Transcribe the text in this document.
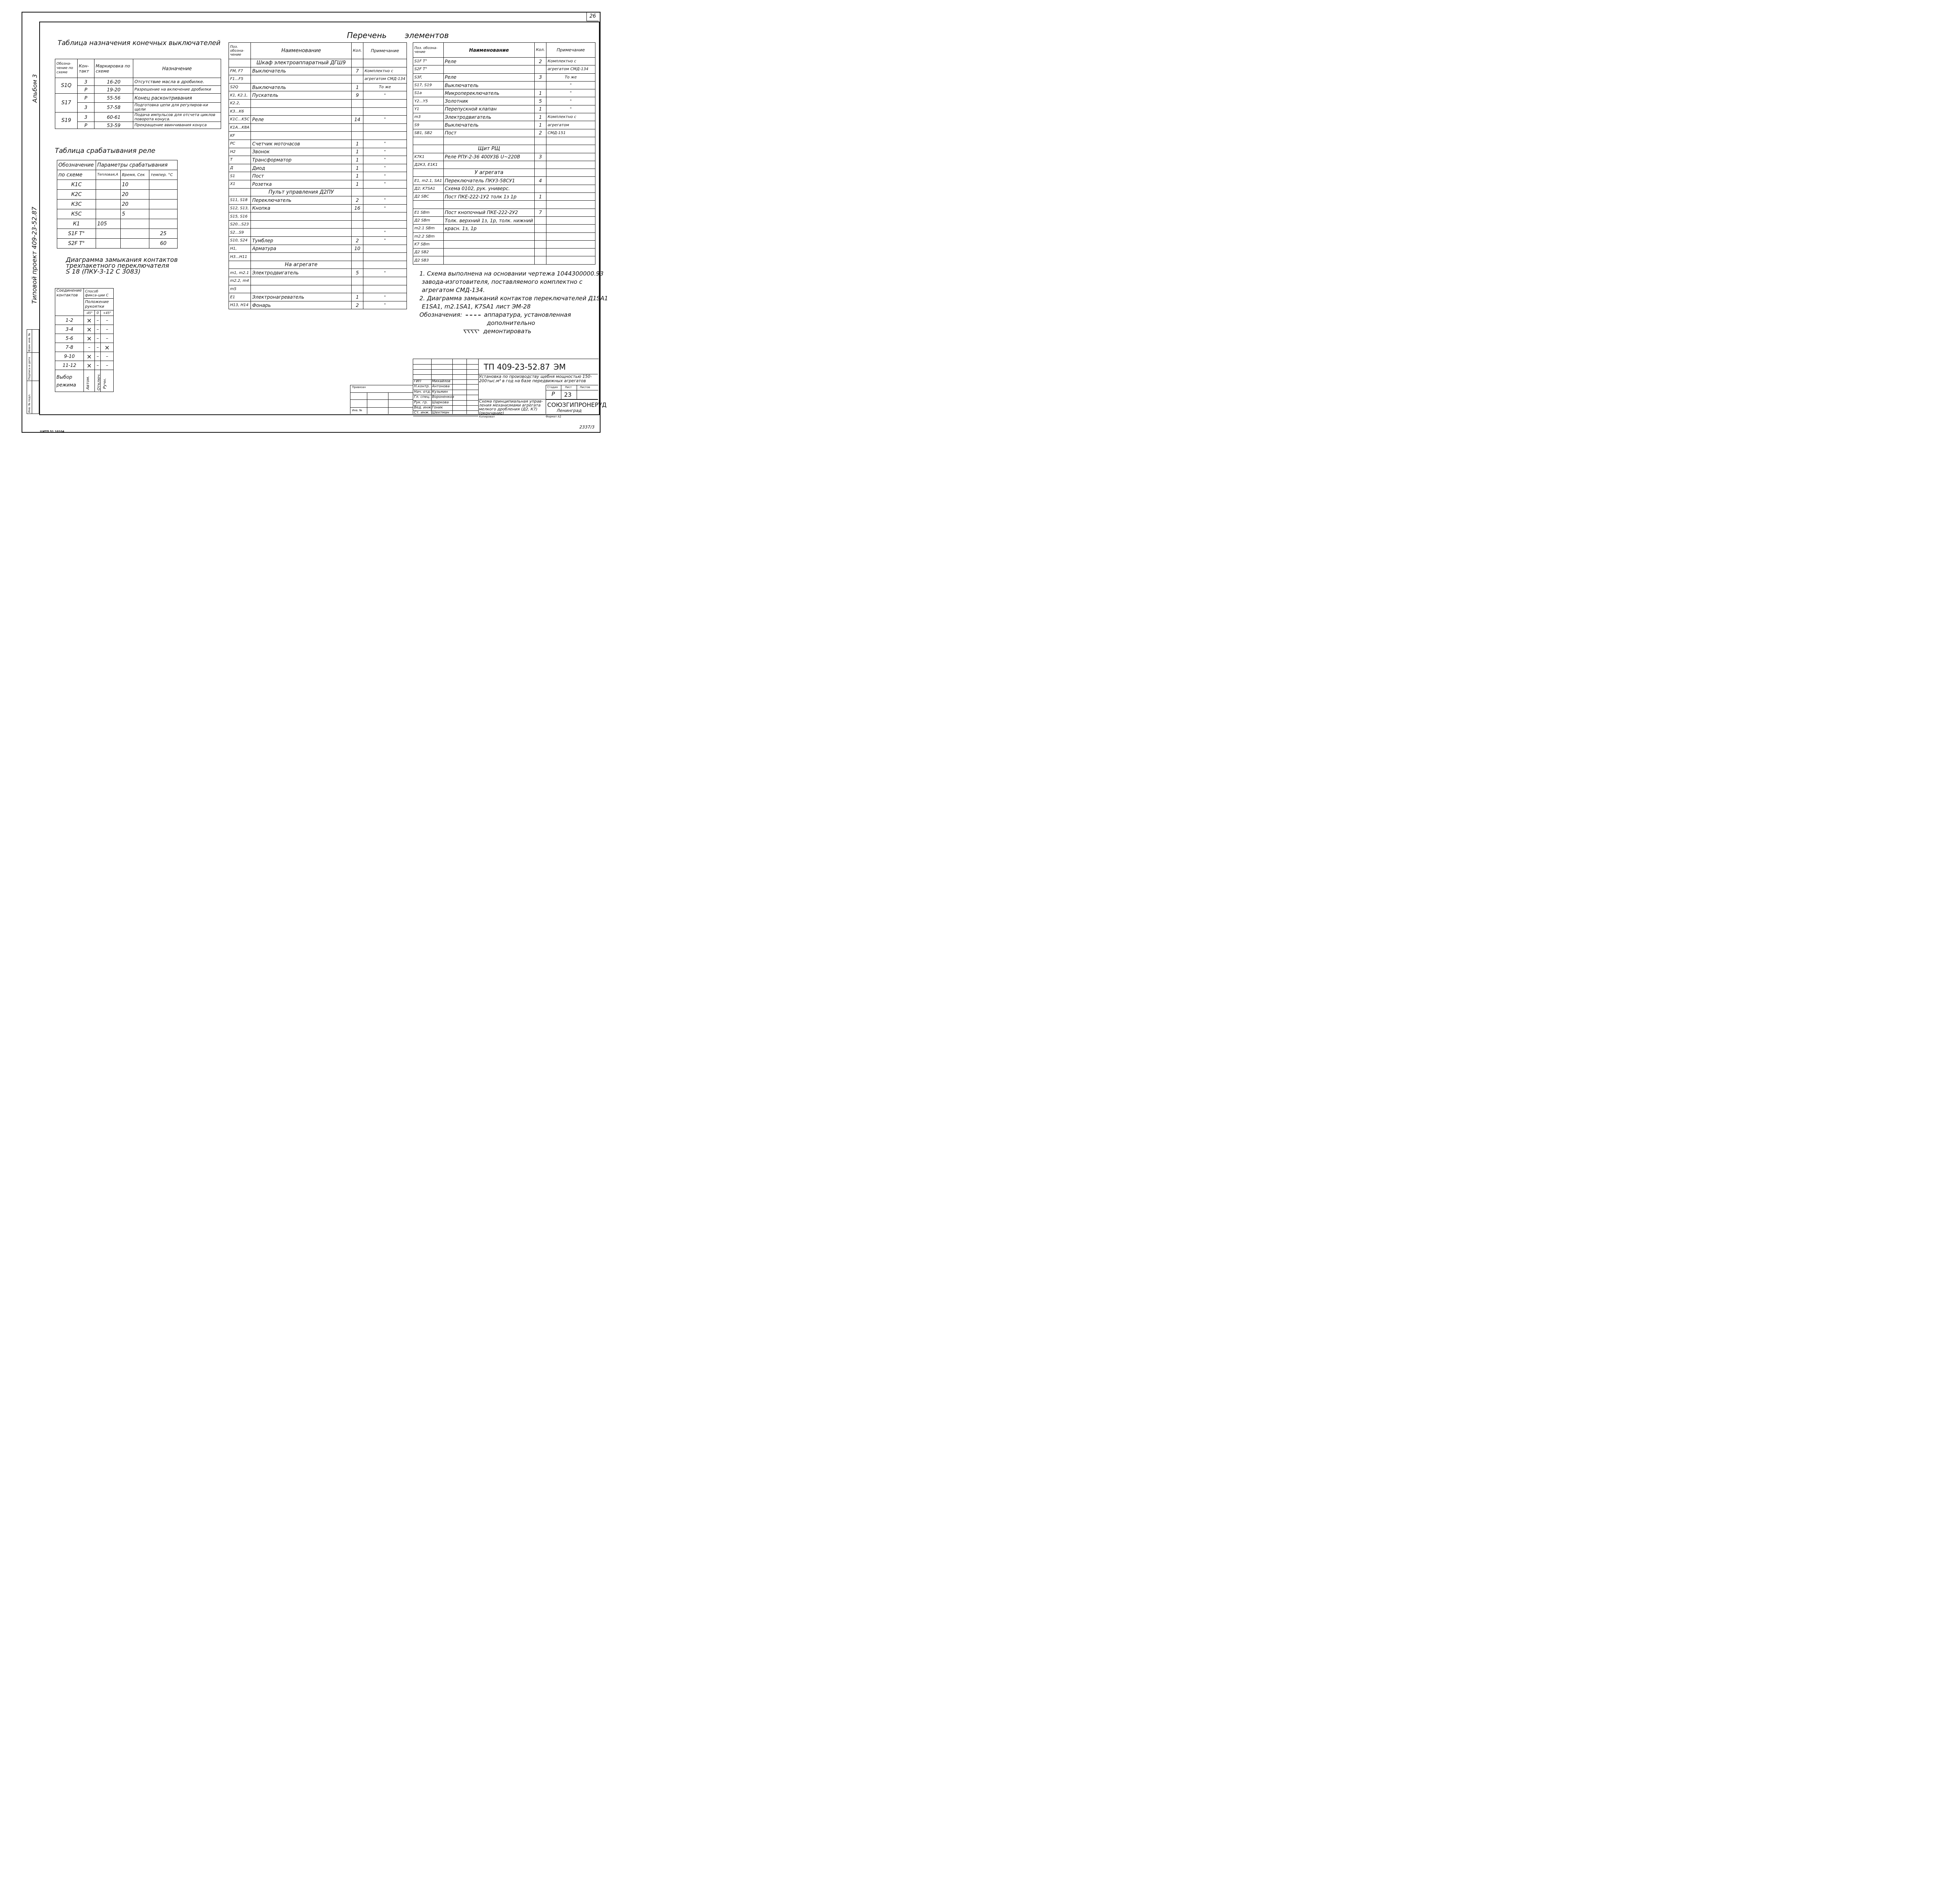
26
Альбом 3
Типовой проект 409-23-52.87
Инв. № подл.
Подпись и дата
Взам. инв. №
Таблица назначения конечных выключателей
Обозна-чение по схеме	Кон-такт	Маркировка по схеме	Назначение
S1Q	3	16-20	Отсутствие масла в дробилке.
	Р	19-20	Разрешение на включение дробилки
S17	Р	55-56	Конец расконтривания
	3	57-58	Подготовка цепи для регулиров-ки щели
S19	3	60-61	Подача импульсов для отсчета циклов поворота конуса.
	Р	53-59	Прекращение ввинчивания конуса
Таблица срабатывания реле
Обозначение	Параметры срабатывания		
по схеме	Тепловая,А	Время, Сек	темпер. °С
К1С		10	
К2С		20	
К3С		20	
К5С		5	
К1	105		
S1F T°			25
S2F T°			60
Диаграмма замыкания контактов
трехпакетного переключателя
S 18 (ПКУ-3-12 С 3083)
Соединение контактов	Способ фикса-ции С		
	Положение рукоятки		
	-45°	0	+45°
1-2	×	–	–
3-4	×	–	–
5-6	×	–	–
7-8	–	–	×
9-10	×	–	–
11-12	×	–	–
Выбор режима	Автом.	Отключ.	Ручн.
Перечень элементов
Поз. обозна-чение	Наименование	Кол.	Примечание
	Шкаф электроаппаратный ДГШ9		
FM, F7	Выключатель	7	Комплектно с
F1...F5			агрегатом СМД-134
S2Q	Выключатель	1	То же
K1, K2.1,	Пускатель	9	"
K2.2,			
K3...K6			
K1C...K5C	Реле	14	"
K1A...K8A			
KF			
PC	Счетчик моточасов	1	"
H2	Звонок	1	"
T	Трансформатор	1	"
Д	Диод	1	"
S1	Пост	1	"
X1	Розетка	1	"
	Пульт управления Д2ПУ		
S11, S18	Переключатель	2	"
S12, S13,	Кнопка	16	"
S15, S16			
S20...S23			
S2...S9			"
S10, S24	Тумблер	2	"
H1,	Арматура	10	
H3...H11			
	На агрегате		
m1, m2.1	Электродвигатель	5	"
m2.2, m4			
m5			
E1	Электронагреватель	1	"
H13, H14	Фонарь	2	"
Поз. обозна-чение	Наименование	Кол.	Примечание
S1F T°	Реле	2	Комплектно с
S2F T°			агрегатом СМД-134
S3F,	Реле	3	То же
S17, S19	Выключатель		"
S1a	Микропереключатель	1	"
Y2...Y5	Золотник	5	"
Y1	Перепускной клапан	1	"
m3	Электродвигатель	1	Комплектно с
S9	Выключатель	1	агрегатом
SB1, SB2	Пост	2	СМД-151

	Щит РЩ		
K7K1	Реле РПУ-2-36 400У3Б U~220В	3	
Д2К3, E1K1			
	У агрегата		
E1, m2.1, SA1	Переключатель ПКУ3-58СУ1	4	
Д2; K7SA1	Схема 0102, рук. универс.		
Д2 SBC	Пост ПКЕ-222-1У2 толк 1з 1р	1	

E1 SBm	Пост кнопочный ПКЕ-222-2У2	7	
Д2 SBm	Толк. верхний 1з, 1р, толк. нижний		
m2.1 SBm	красн. 1з, 1р		
m2.2 SBm			
K7 SBm			
Д2 SB2			
Д2 SB3			
1. Схема выполнена на основании чертежа 1044300000.93
завода-изготовителя, поставляемого комплектно с
агрегатом СМД-134.
2. Диаграмма замыканий контактов переключателей Д1SA1
E1SA1, m2.1SA1, K7SA1 лист ЭМ-28
Обозначения:	аппаратура, установленная
дополнительно
демонтировать
ТП 409-23-52.87 ЭМ
Установка по производству щебня мощностью 150-200тыс.м³ в год на базе передвижных агрегатов
ГИП	Михайлов
Н.контр. Антонова
Нач. отд. Кузьмин
Гл. спец. Вороненков
Рук. гр. Шаркова
Вед. инж. Гоник
Ст. инж. Шехтман
Стадия	Лист	Листов
Р 23
Схема принципиальная управ-ления механизмами агрегата мелкого дробления (Д2, К7) (окончание)
СОЮЗГИПРОНЕРУД
Ленинград
Привязан
Инв. №
Копировал	Формат А2
2337/3
ЦИТП 51 10104
